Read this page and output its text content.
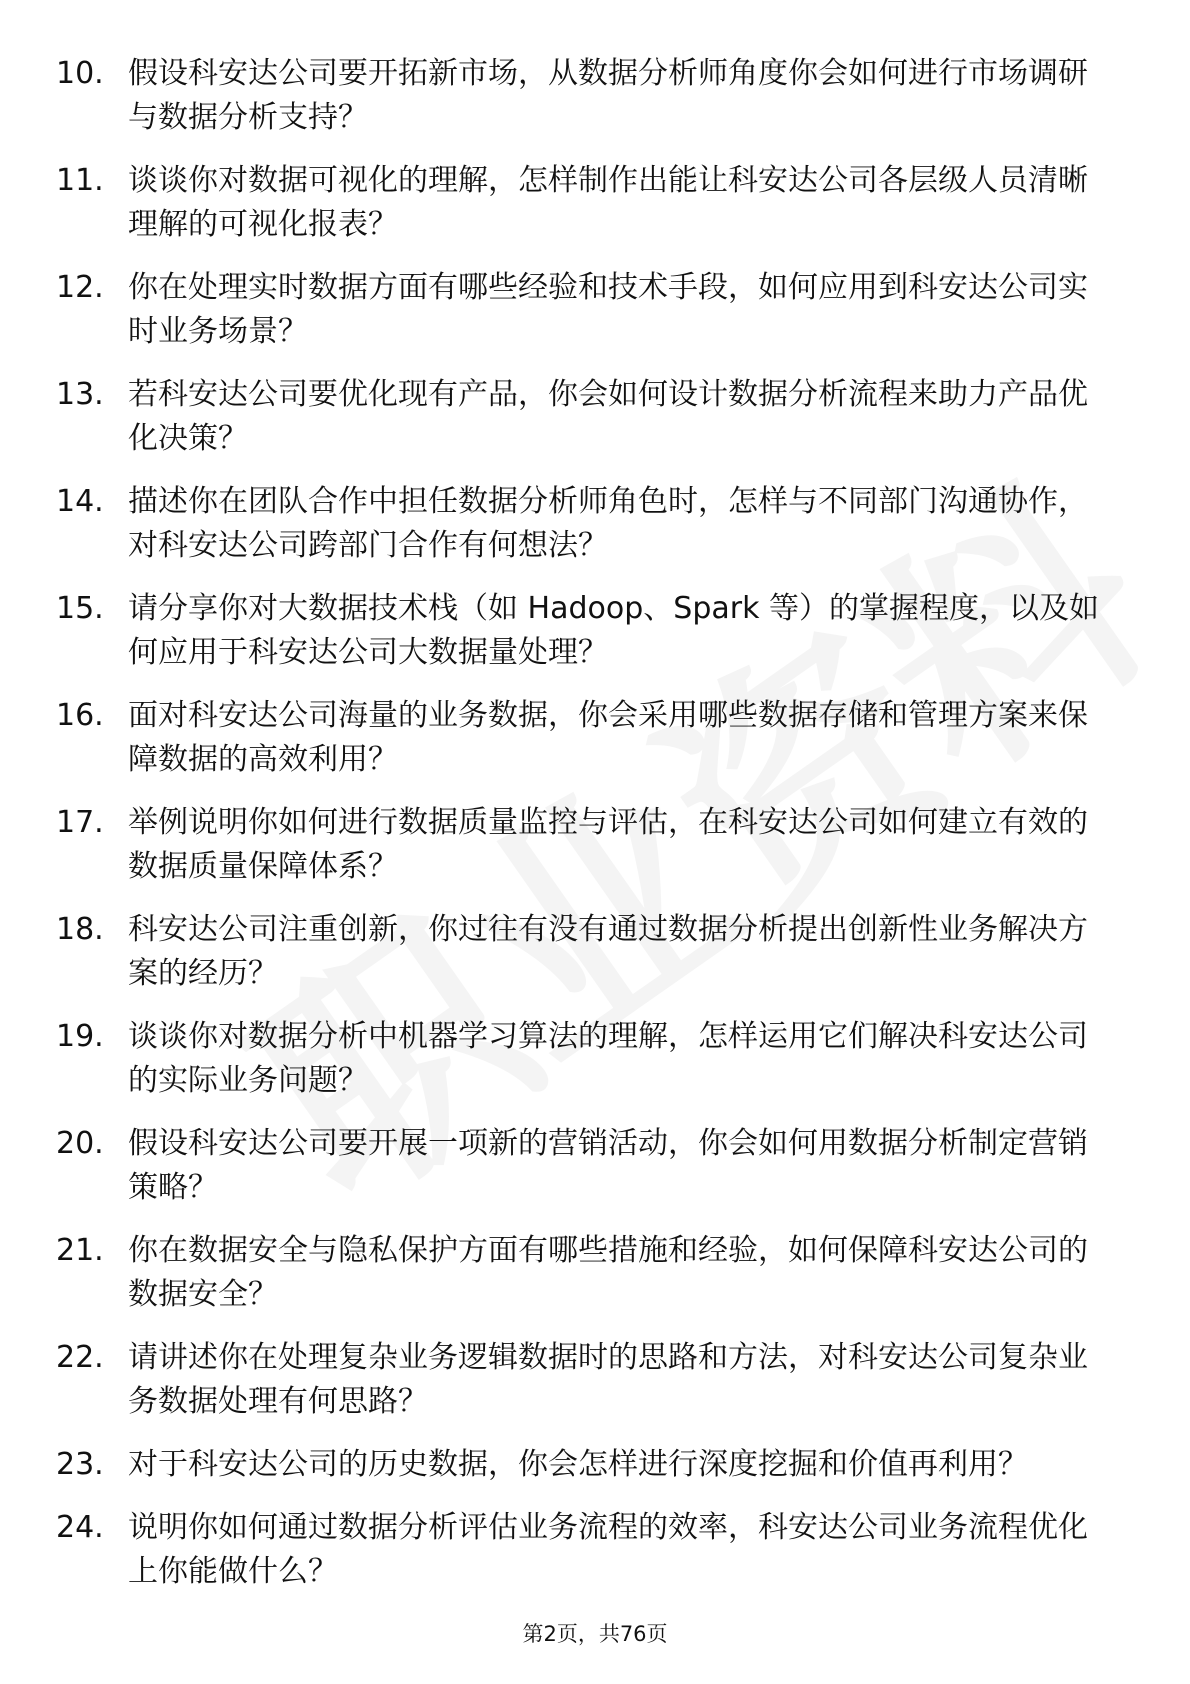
10. 假设科安达公司要开拓新市场，从数据分析师角度你会如何进行市场调研与数据分析支持？
11. 谈谈你对数据可视化的理解，怎样制作出能让科安达公司各层级人员清晰理解的可视化报表？
12. 你在处理实时数据方面有哪些经验和技术手段，如何应用到科安达公司实时业务场景？
13. 若科安达公司要优化现有产品，你会如何设计数据分析流程来助力产品优化决策？
14. 描述你在团队合作中担任数据分析师角色时，怎样与不同部门沟通协作，对科安达公司跨部门合作有何想法？
15. 请分享你对大数据技术栈（如 Hadoop、Spark 等）的掌握程度，以及如何应用于科安达公司大数据量处理？
16. 面对科安达公司海量的业务数据，你会采用哪些数据存储和管理方案来保障数据的高效利用？
17. 举例说明你如何进行数据质量监控与评估，在科安达公司如何建立有效的数据质量保障体系？
18. 科安达公司注重创新，你过往有没有通过数据分析提出创新性业务解决方案的经历？
19. 谈谈你对数据分析中机器学习算法的理解，怎样运用它们解决科安达公司的实际业务问题？
20. 假设科安达公司要开展一项新的营销活动，你会如何用数据分析制定营销策略？
21. 你在数据安全与隐私保护方面有哪些措施和经验，如何保障科安达公司的数据安全？
22. 请讲述你在处理复杂业务逻辑数据时的思路和方法，对科安达公司复杂业务数据处理有何思路？
23. 对于科安达公司的历史数据，你会怎样进行深度挖掘和价值再利用？
24. 说明你如何通过数据分析评估业务流程的效率，科安达公司业务流程优化上你能做什么？
第2页，共76页
